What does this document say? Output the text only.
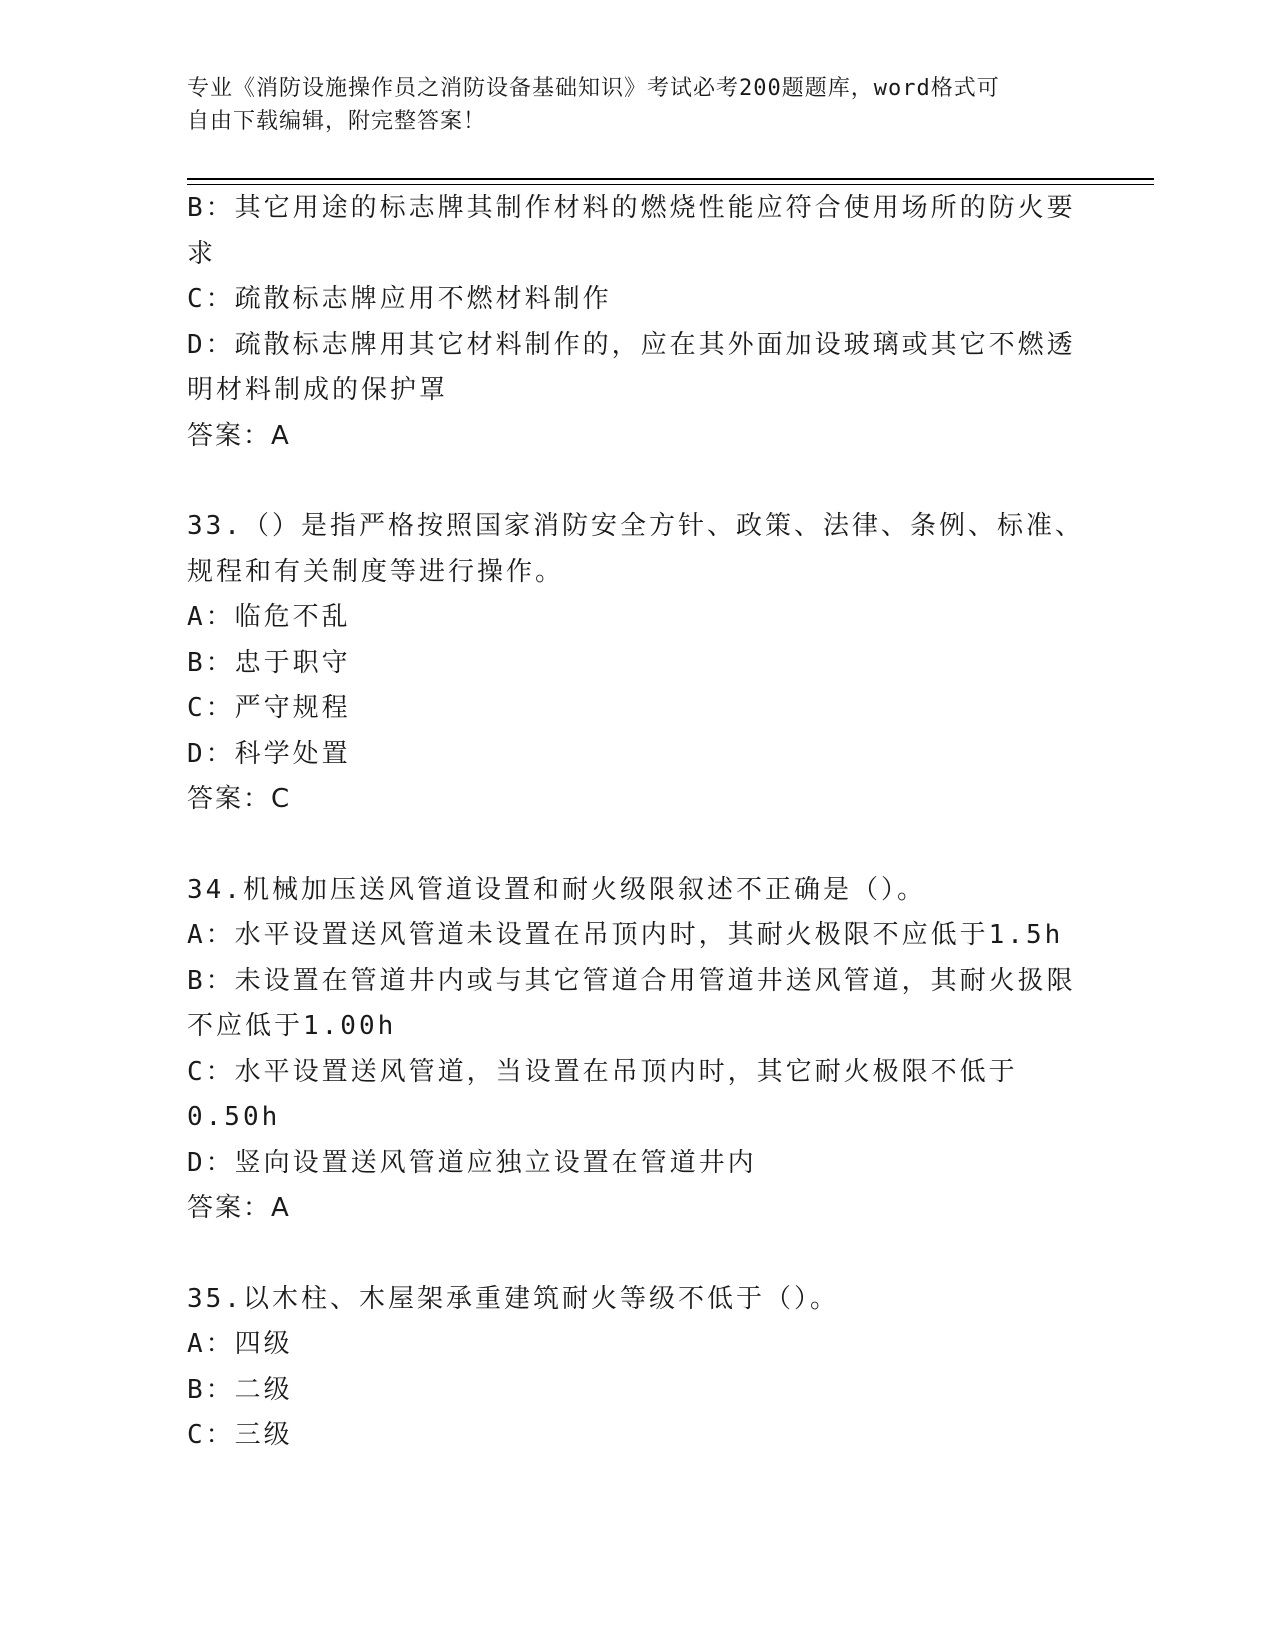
专业《消防设施操作员之消防设备基础知识》考试必考200题题库，word格式可
自由下载编辑，附完整答案！
B：其它用途的标志牌其制作材料的燃烧性能应符合使用场所的防火要
求
C：疏散标志牌应用不燃材料制作
D：疏散标志牌用其它材料制作的，应在其外面加设玻璃或其它不燃透
明材料制成的保护罩
答案：A
33.（）是指严格按照国家消防安全方针、政策、法律、条例、标准、
规程和有关制度等进行操作。
A：临危不乱
B：忠于职守
C：严守规程
D：科学处置
答案：C
34.机械加压送风管道设置和耐火级限叙述不正确是（）。
A：水平设置送风管道未设置在吊顶内时，其耐火极限不应低于1.5h
B：未设置在管道井内或与其它管道合用管道井送风管道，其耐火扱限
不应低于1.00h
C：水平设置送风管道，当设置在吊顶内时，其它耐火极限不低于
0.50h
D：竖向设置送风管道应独立设置在管道井内
答案：A
35.以木柱、木屋架承重建筑耐火等级不低于（）。
A：四级
B：二级
C：三级
